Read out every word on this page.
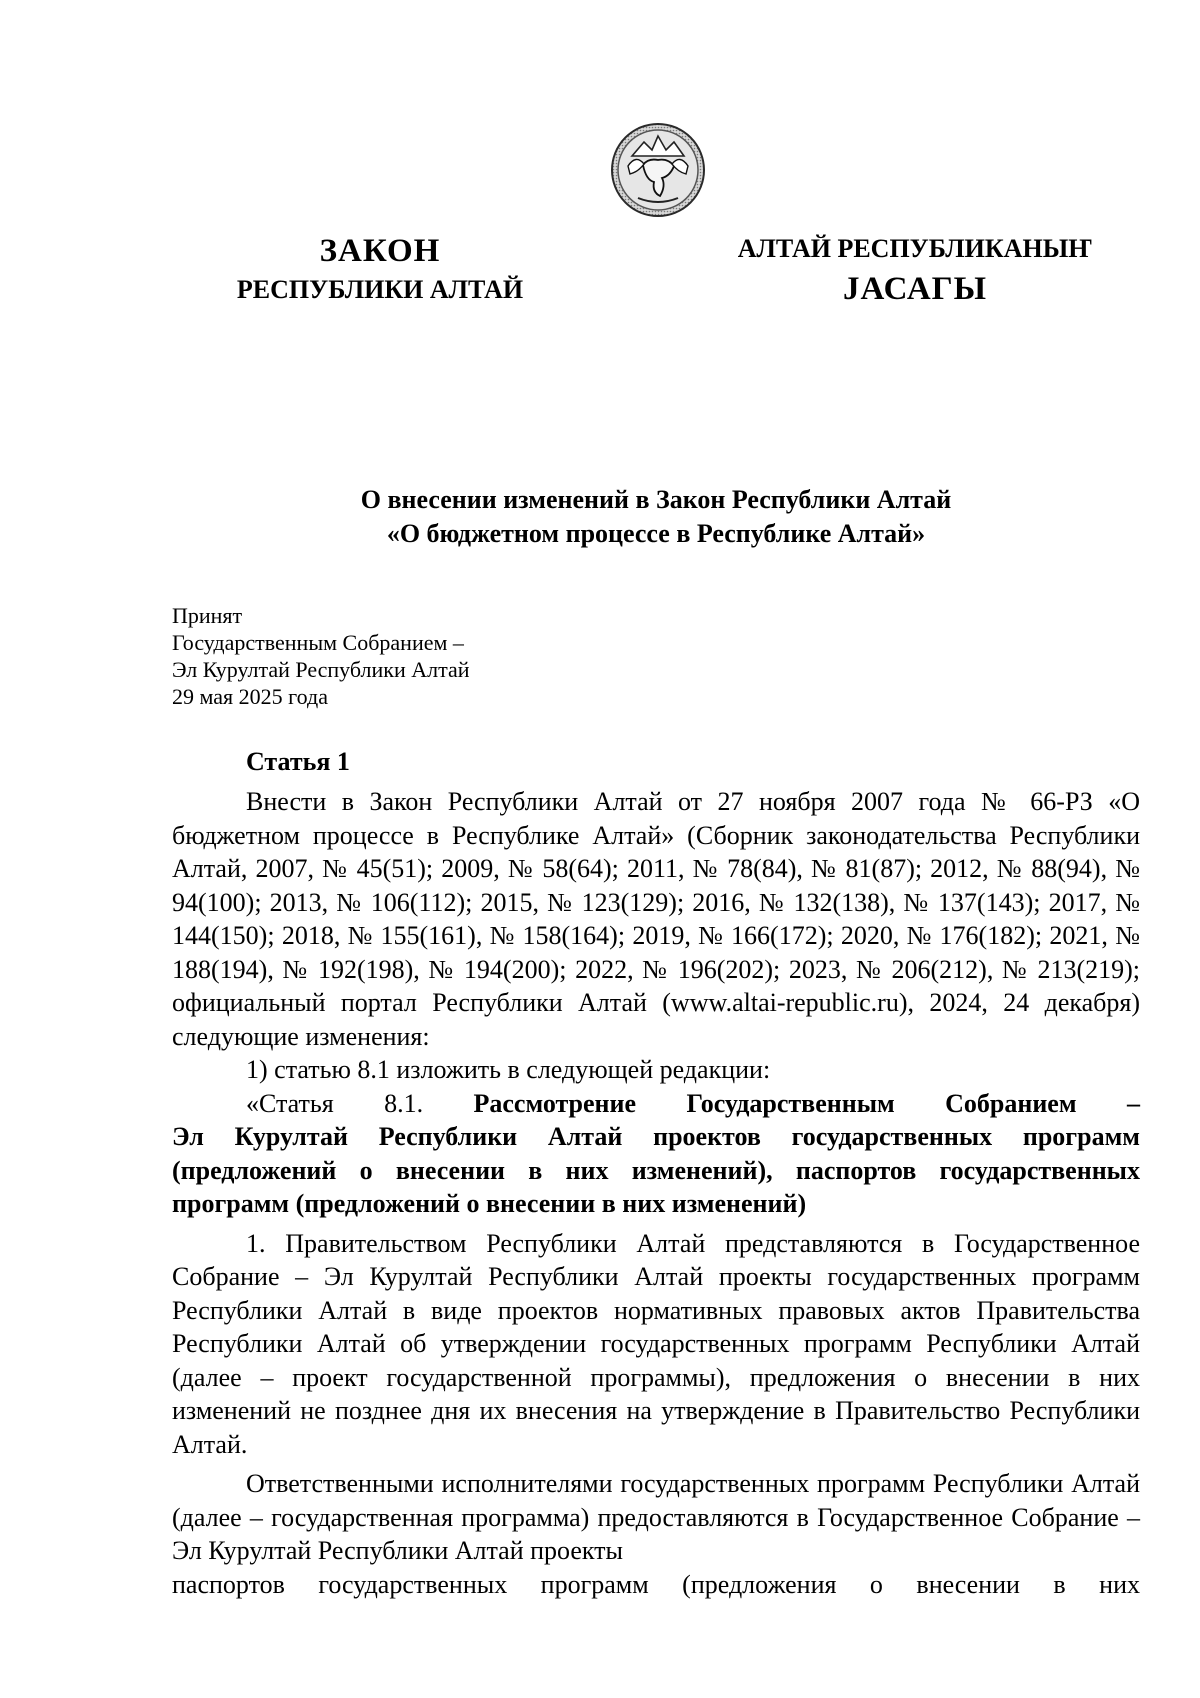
ЗАКОН
РЕСПУБЛИКИ АЛТАЙ
АЛТАЙ РЕСПУБЛИКАНЫҤ
ЈАСАГЫ
О внесении изменений в Закон Республики Алтай
«О бюджетном процессе в Республике Алтай»
Принят
Государственным Собранием –
Эл Курултай Республики Алтай
29 мая 2025 года
Статья 1

Внести в Закон Республики Алтай от 27 ноября 2007 года № 66-РЗ «О бюджетном процессе в Республике Алтай» (Сборник законодательства Республики Алтай, 2007, № 45(51); 2009, № 58(64); 2011, № 78(84), № 81(87); 2012, № 88(94), № 94(100); 2013, № 106(112); 2015, № 123(129); 2016, № 132(138), № 137(143); 2017, № 144(150); 2018, № 155(161), № 158(164); 2019, № 166(172); 2020, № 176(182); 2021, № 188(194), № 192(198), № 194(200); 2022, № 196(202); 2023, № 206(212), № 213(219); официальный портал Республики Алтай (www.altai-republic.ru), 2024, 24 декабря) следующие изменения:

1) статью 8.1 изложить в следующей редакции:

«Статья 8.1. Рассмотрение Государственным Собранием –
Эл Курултай Республики Алтай проектов государственных программ (предложений о внесении в них изменений), паспортов государственных программ (предложений о внесении в них изменений)

1. Правительством Республики Алтай представляются в Государственное Собрание – Эл Курултай Республики Алтай проекты государственных программ Республики Алтай в виде проектов нормативных правовых актов Правительства Республики Алтай об утверждении государственных программ Республики Алтай (далее – проект государственной программы), предложения о внесении в них изменений не позднее дня их внесения на утверждение в Правительство Республики Алтай.

Ответственными исполнителями государственных программ Республики Алтай (далее – государственная программа) предоставляются в Государственное Собрание – Эл Курултай Республики Алтай проекты

паспортов государственных программ (предложения о внесении в них
